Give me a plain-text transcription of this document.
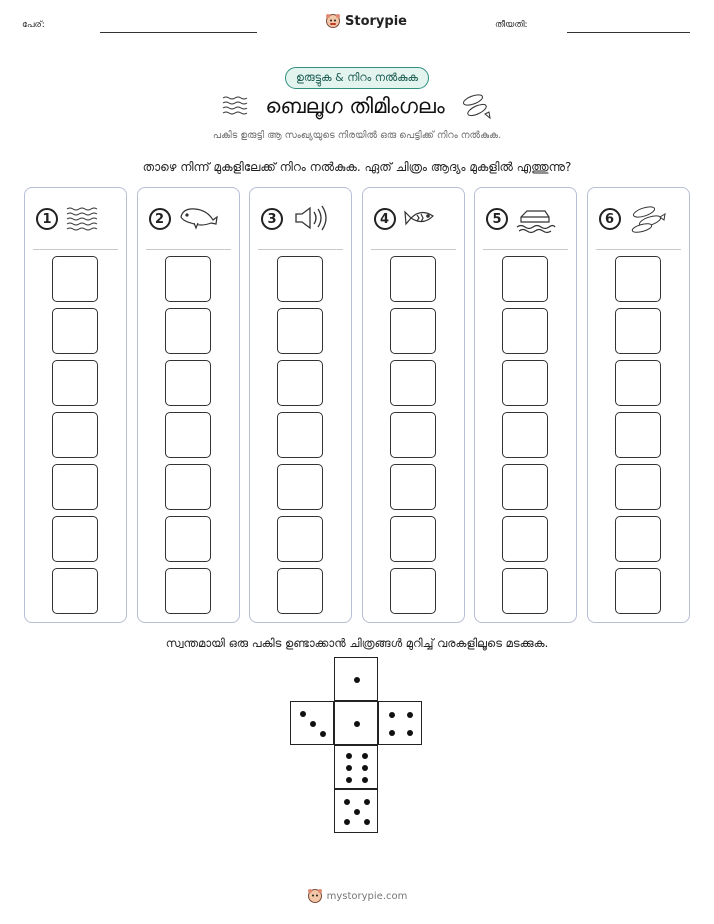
പേര്:	Storypie	തീയതി:
ഉരുട്ടുക & നിറം നൽകുക
ബെലൂഗ തിമിംഗലം
പകിട ഉരുട്ടി ആ സംഖ്യയുടെ നിരയിൽ ഒരു പെട്ടിക്ക് നിറം നൽകുക.
താഴെ നിന്ന് മുകളിലേക്ക് നിറം നൽകുക. ഏത് ചിത്രം ആദ്യം മുകളിൽ എത്തുന്നു?
1	2	3	4	5	6
സ്വന്തമായി ഒരു പകിട ഉണ്ടാക്കാൻ ചിത്രങ്ങൾ മുറിച്ച് വരകളിലൂടെ മടക്കുക.
mystorypie.com
